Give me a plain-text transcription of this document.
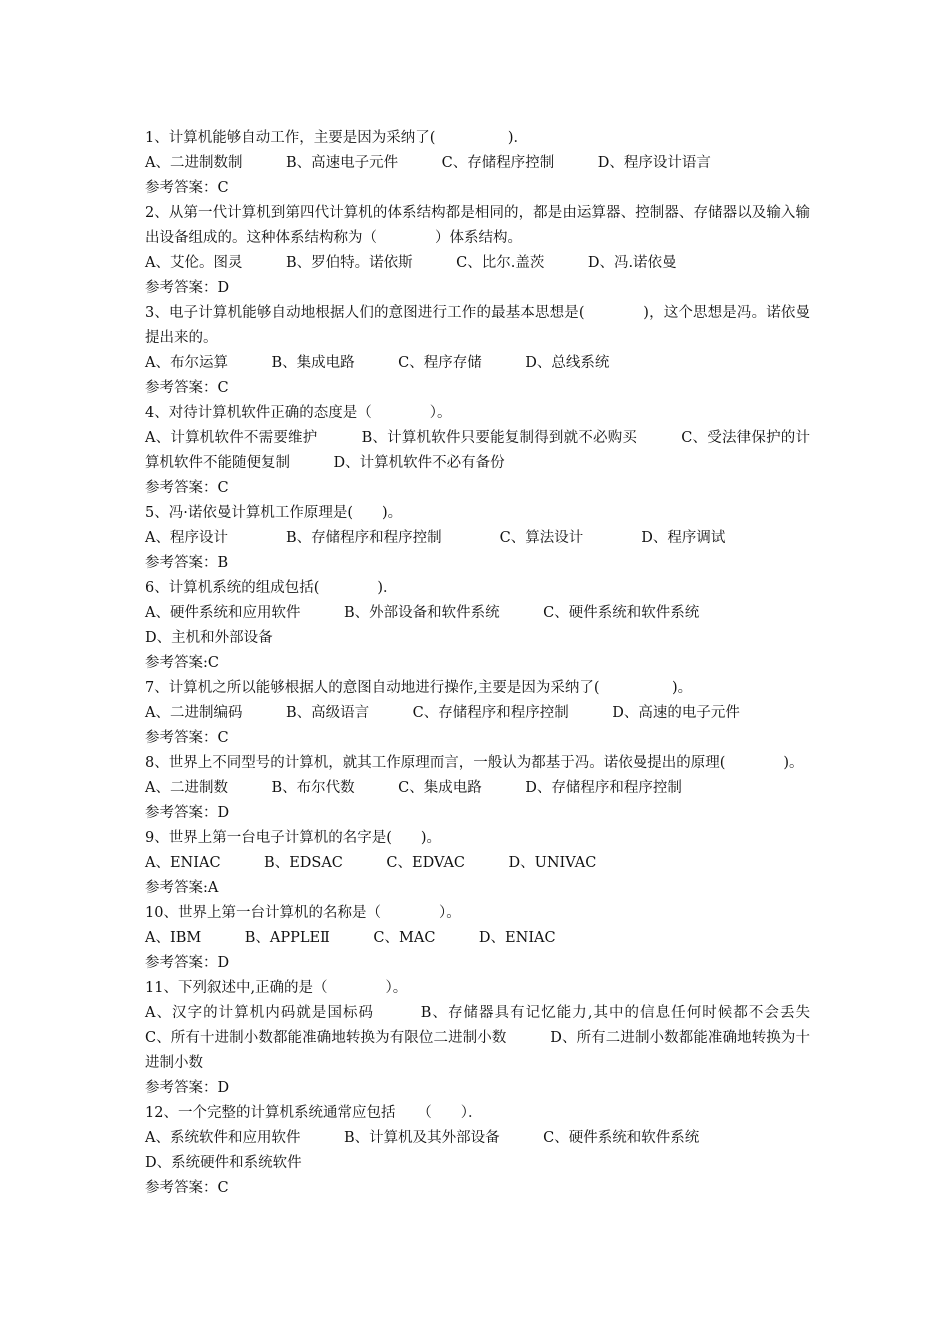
1、计算机能够自动工作，主要是因为采纳了(　　　　　)．
A、二进制数制　　　B、高速电子元件　　　C、存储程序控制　　　D、程序设计语言
参考答案：C
2、从第一代计算机到第四代计算机的体系结构都是相同的，都是由运算器、控制器、存储器以及输入输出设备组成的。这种体系结构称为（　　　　）体系结构。
A、艾伦。图灵　　　B、罗伯特。诺依斯　　　C、比尔.盖茨　　　D、冯.诺依曼
参考答案：D
3、电子计算机能够自动地根据人们的意图进行工作的最基本思想是(　　　　)，这个思想是冯。诺依曼提出来的。
A、布尔运算　　　B、集成电路　　　C、程序存储　　　D、总线系统
参考答案：C
4、对待计算机软件正确的态度是（　　　　）。
A、计算机软件不需要维护　　　B、计算机软件只要能复制得到就不必购买　　　C、受法律保护的计算机软件不能随便复制　　　D、计算机软件不必有备份
参考答案：C
5、冯·诺依曼计算机工作原理是(　　)。
A、程序设计　　　　B、存储程序和程序控制　　　　C、算法设计　　　　D、程序调试
参考答案：B
6、计算机系统的组成包括(　　　　)．
A、硬件系统和应用软件　　　B、外部设备和软件系统　　　C、硬件系统和软件系统
D、主机和外部设备
参考答案:C
7、计算机之所以能够根据人的意图自动地进行操作,主要是因为采纳了(　　　　　)。
A、二进制编码　　　B、高级语言　　　C、存储程序和程序控制　　　D、高速的电子元件
参考答案：C
8、世界上不同型号的计算机，就其工作原理而言，一般认为都基于冯。诺依曼提出的原理(　　　　)。
A、二进制数　　　B、布尔代数　　　C、集成电路　　　D、存储程序和程序控制
参考答案：D
9、世界上第一台电子计算机的名字是(　　)。
A、ENIAC　　　B、EDSAC　　　C、EDVAC　　　D、UNIVAC
参考答案:A
10、世界上第一台计算机的名称是（　　　　）。
A、IBM　　　B、APPLEⅡ　　　C、MAC　　　D、ENIAC
参考答案：D
11、下列叙述中,正确的是（　　　　）。
A、汉字的计算机内码就是国标码　　　B、存储器具有记忆能力,其中的信息任何时候都不会丢失　　　C、所有十进制小数都能准确地转换为有限位二进制小数　　　D、所有二进制小数都能准确地转换为十进制小数
参考答案：D
12、一个完整的计算机系统通常应包括　　（　　）．
A、系统软件和应用软件　　　B、计算机及其外部设备　　　C、硬件系统和软件系统
D、系统硬件和系统软件
参考答案：C
